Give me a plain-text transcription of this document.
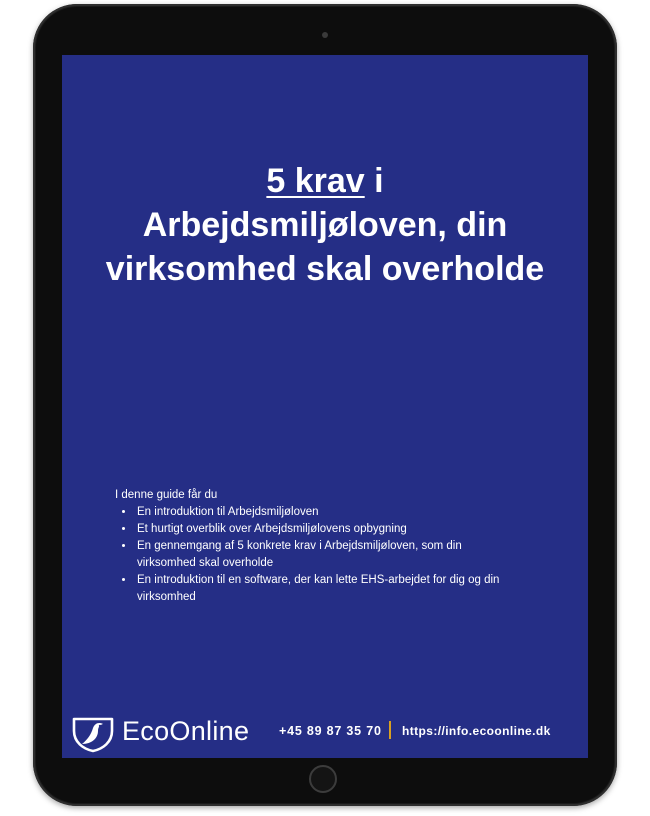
5 krav i
Arbejdsmiljøloven, din virksomhed skal overholde

I denne guide får du

• En introduktion til Arbejdsmiljøloven
• Et hurtigt overblik over Arbejdsmiljølovens opbygning
• En gennemgang af 5 konkrete krav i Arbejdsmiljøloven, som din virksomhed skal overholde
• En introduktion til en software, der kan lette EHS-arbejdet for dig og din virksomhed
EcoOnline +45 89 87 35 70 https://info.ecoonline.dk
